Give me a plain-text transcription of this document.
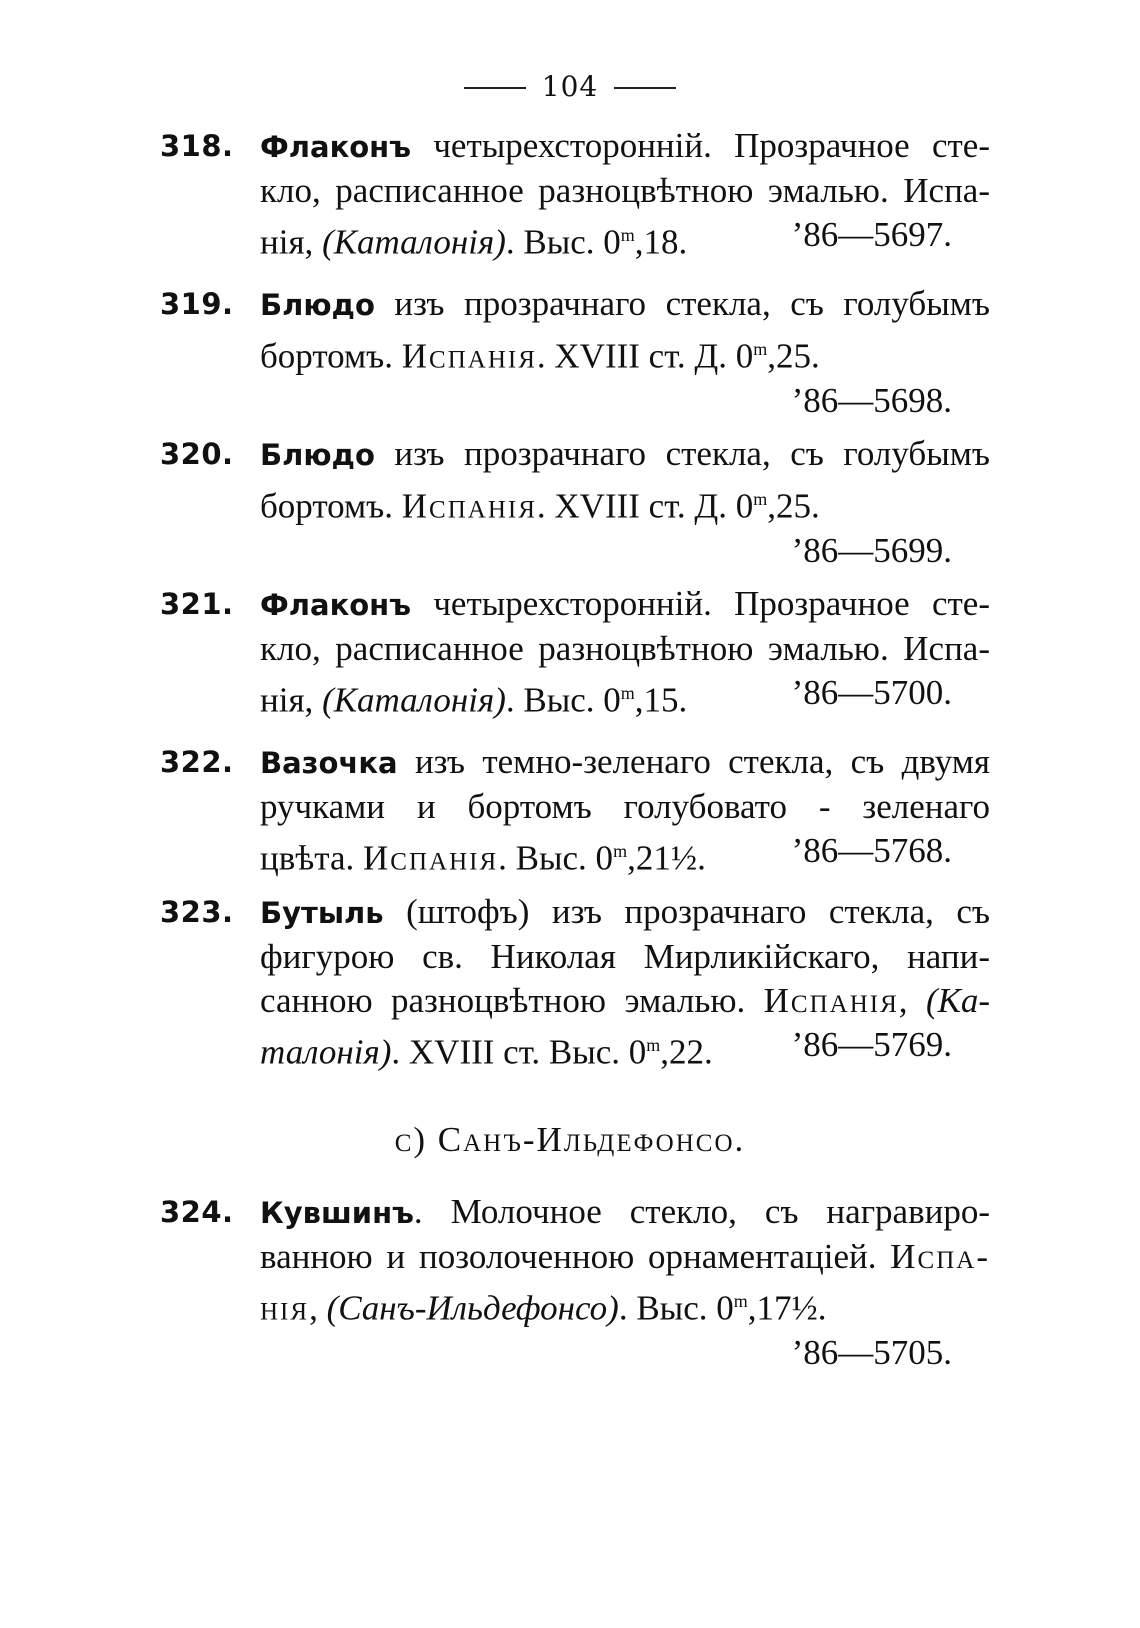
104
318. Флаконъ четырехсторонній. Прозрачное сте-
кло, расписанное разноцвѣтною эмалью. Испа-
нія, (Каталонія). Выс. 0$^m$,18.	’86—5697.
319. Блюдо изъ прозрачнаго стекла, съ голубымъ
бортомъ. Испанія. XVIII ст. Д. 0$^m$,25.
’86—5698.
320. Блюдо изъ прозрачнаго стекла, съ голубымъ
бортомъ. Испанія. XVIII ст. Д. 0$^m$,25.
’86—5699.
321. Флаконъ четырехсторонній. Прозрачное сте-
кло, расписанное разноцвѣтною эмалью. Испа-
нія, (Каталонія). Выс. 0$^m$,15.	’86—5700.
322. Вазочка изъ темно-зеленаго стекла, съ двумя
ручками и бортомъ голубовато - зеленаго
цвѣта. Испанія. Выс. 0$^m$,21½. ’86—5768.
323. Бутыль (штофъ) изъ прозрачнаго стекла, съ
фигурою св. Николая Мирликійскаго, напи-
санною разноцвѣтною эмалью. Испанія, (Ка-
талонія). XVIII ст. Выс. 0$^m$,22. ’86—5769.
c) Санъ-Ильдефонсо.
324. Кувшинъ. Молочное стекло, съ награвиро-
ванною и позолоченною орнаментаціей. Испа-
нія, (Санъ-Ильдефонсо). Выс. 0$^m$,17½.
’86—5705.
